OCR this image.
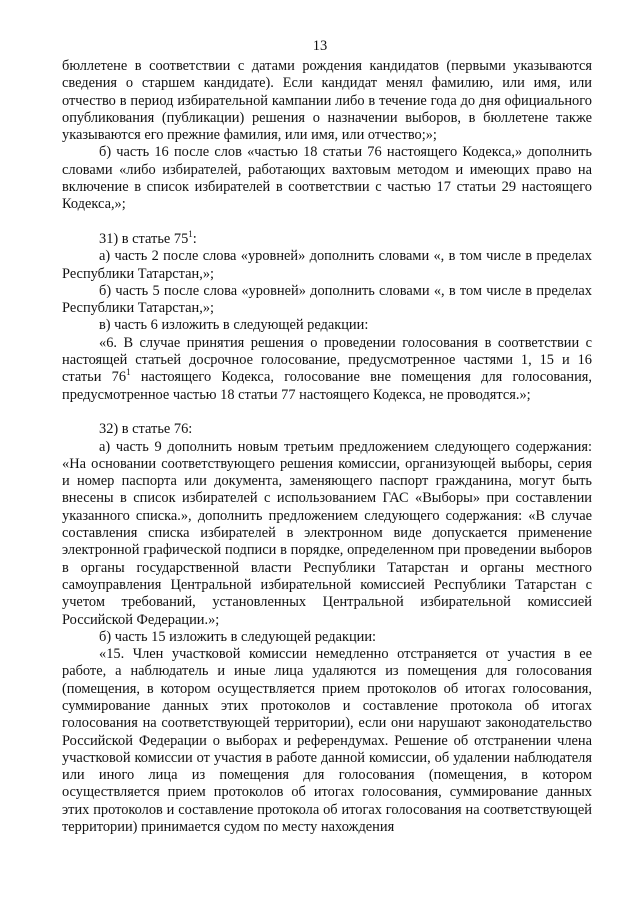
13

бюллетене в соответствии с датами рождения кандидатов (первыми указываются сведения о старшем кандидате). Если кандидат менял фамилию, или имя, или отчество в период избирательной кампании либо в течение года до дня официального опубликования (публикации) решения о назначении выборов, в бюллетене также указываются его прежние фамилия, или имя, или отчество;»;

б) часть 16 после слов «частью 18 статьи 76 настоящего Кодекса,» дополнить словами «либо избирателей, работающих вахтовым методом и имеющих право на включение в список избирателей в соответствии с частью 17 статьи 29 настоящего Кодекса,»;

31) в статье $75^1$:

а) часть 2 после слова «уровней» дополнить словами «, в том числе в пределах Республики Татарстан,»;

б) часть 5 после слова «уровней» дополнить словами «, в том числе в пределах Республики Татарстан,»;

в) часть 6 изложить в следующей редакции:

«6. В случае принятия решения о проведении голосования в соответствии с настоящей статьей досрочное голосование, предусмотренное частями 1, 15 и 16 статьи $76^1$ настоящего Кодекса, голосование вне помещения для голосования, предусмотренное частью 18 статьи 77 настоящего Кодекса, не проводятся.»;

32) в статье 76:

а) часть 9 дополнить новым третьим предложением следующего содержания: «На основании соответствующего решения комиссии, организующей выборы, серия и номер паспорта или документа, заменяющего паспорт гражданина, могут быть внесены в список избирателей с использованием ГАС «Выборы» при составлении указанного списка.», дополнить предложением следующего содержания: «В случае составления списка избирателей в электронном виде допускается применение электронной графической подписи в порядке, определенном при проведении выборов в органы государственной власти Республики Татарстан и органы местного самоуправления Центральной избирательной комиссией Республики Татарстан с учетом требований, установленных Центральной избирательной комиссией Российской Федерации.»;

б) часть 15 изложить в следующей редакции:

«15. Член участковой комиссии немедленно отстраняется от участия в ее работе, а наблюдатель и иные лица удаляются из помещения для голосования (помещения, в котором осуществляется прием протоколов об итогах голосования, суммирование данных этих протоколов и составление протокола об итогах голосования на соответствующей территории), если они нарушают законодательство Российской Федерации о выборах и референдумах. Решение об отстранении члена участковой комиссии от участия в работе данной комиссии, об удалении наблюдателя или иного лица из помещения для голосования (помещения, в котором осуществляется прием протоколов об итогах голосования, суммирование данных этих протоколов и составление протокола об итогах голосования на соответствующей территории) принимается судом по месту нахождения
